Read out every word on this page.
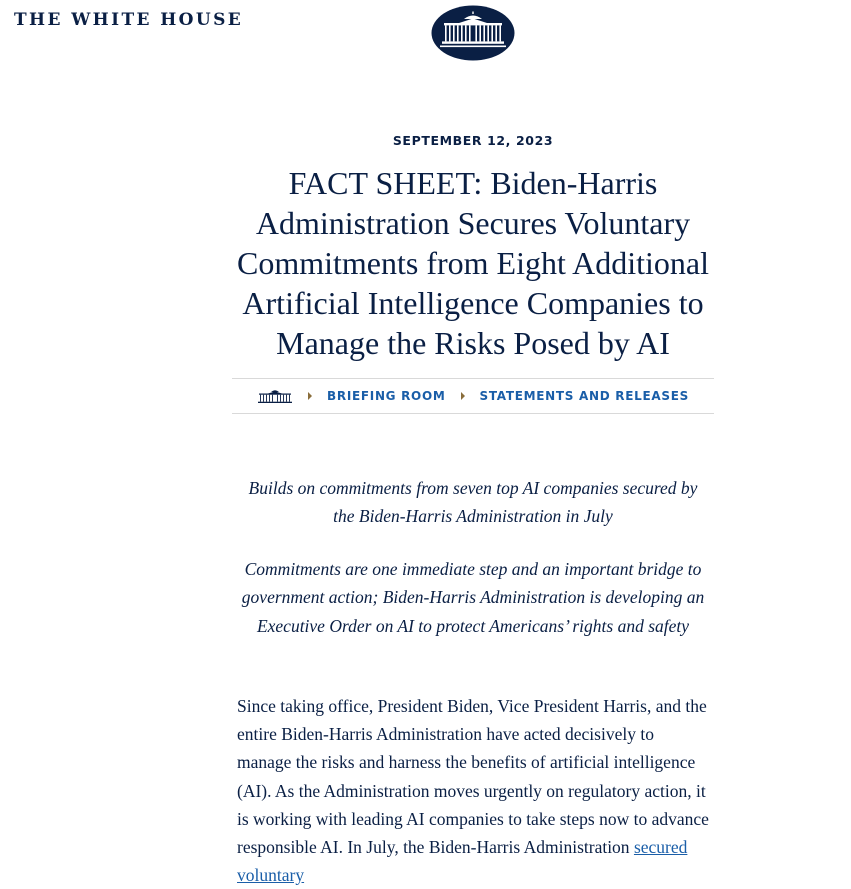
THE WHITE HOUSE
SEPTEMBER 12, 2023
FACT SHEET: Biden-Harris Administration Secures Voluntary Commitments from Eight Additional Artificial Intelligence Companies to Manage the Risks Posed by AI
BRIEFING ROOM	STATEMENTS AND RELEASES

Builds on commitments from seven top AI companies secured by the Biden-Harris Administration in July

Commitments are one immediate step and an important bridge to government action; Biden-Harris Administration is developing an Executive Order on AI to protect Americans’ rights and safety

Since taking office, President Biden, Vice President Harris, and the entire Biden-Harris Administration have acted decisively to manage the risks and harness the benefits of artificial intelligence (AI). As the Administration moves urgently on regulatory action, it is working with leading AI companies to take steps now to advance responsible AI. In July, the Biden-Harris Administration secured voluntary
